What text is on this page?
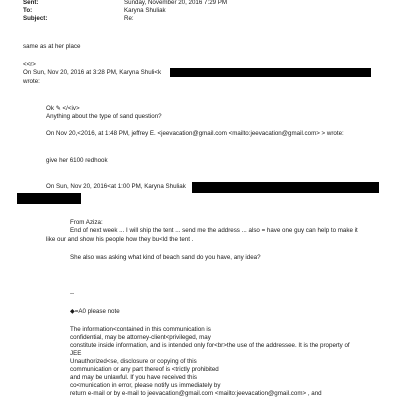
Sent:	Sunday, November 20, 2016 7:29 PM
To:	Karyna Shuliak
Subject:	Re:
same as at her place
<<r>
On Sun, Nov 20, 2016 at 3:28 PM, Karyna Shuli<k
wrote:
Ok ✎ </<iv>
Anything about the type of sand question?
On Nov 20,<2016, at 1:48 PM, jeffrey E. <jeevacation@gmail.com <mailto:jeevacation@gmail.com> > wrote:
give her 6100 redhook
On Sun, Nov 20, 2016<at 1:00 PM, Karyna Shuliak
From Aziza:
End of next week ... I will ship the tent ... send me the address ... also = have one guy can help to make it
like our and show his people how they bu<ld the tent .
She also was asking what kind of beach sand do you have, any idea?
--
◆=A0 please note
The information<contained in this communication is
confidential, may be attorney-client<privileged, may
constitute inside information, and is intended only for<br>the use of the addressee. It is the property of
JEE
Unauthorized<se, disclosure or copying of this
communication or any part thereof is <trictly prohibited
and may be unlawful. If you have received this
co<munication in error, please notify us immediately by
return e-mail or by e-mail to jeevacation@gmail.com <mailto:jeevacation@gmail.com> , and
